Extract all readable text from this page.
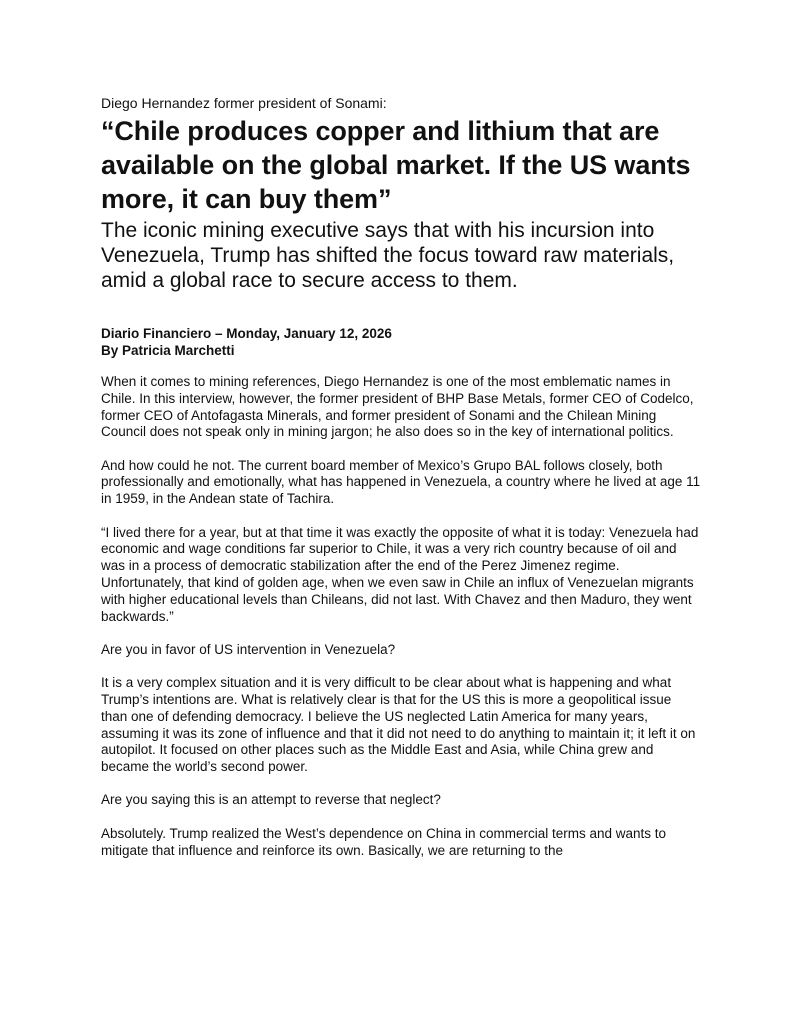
Diego Hernandez former president of Sonami:

“Chile produces copper and lithium that are available on the global market. If the US wants more, it can buy them”
The iconic mining executive says that with his incursion into Venezuela, Trump has shifted the focus toward raw materials, amid a global race to secure access to them.
Diario Financiero – Monday, January 12, 2026
By Patricia Marchetti

When it comes to mining references, Diego Hernandez is one of the most emblematic names in Chile. In this interview, however, the former president of BHP Base Metals, former CEO of Codelco, former CEO of Antofagasta Minerals, and former president of Sonami and the Chilean Mining Council does not speak only in mining jargon; he also does so in the key of international politics.

And how could he not. The current board member of Mexico’s Grupo BAL follows closely, both professionally and emotionally, what has happened in Venezuela, a country where he lived at age 11 in 1959, in the Andean state of Tachira.

“I lived there for a year, but at that time it was exactly the opposite of what it is today: Venezuela had economic and wage conditions far superior to Chile, it was a very rich country because of oil and was in a process of democratic stabilization after the end of the Perez Jimenez regime. Unfortunately, that kind of golden age, when we even saw in Chile an influx of Venezuelan migrants with higher educational levels than Chileans, did not last. With Chavez and then Maduro, they went backwards.”

Are you in favor of US intervention in Venezuela?

It is a very complex situation and it is very difficult to be clear about what is happening and what Trump’s intentions are. What is relatively clear is that for the US this is more a geopolitical issue than one of defending democracy. I believe the US neglected Latin America for many years, assuming it was its zone of influence and that it did not need to do anything to maintain it; it left it on autopilot. It focused on other places such as the Middle East and Asia, while China grew and became the world’s second power.

Are you saying this is an attempt to reverse that neglect?

Absolutely. Trump realized the West’s dependence on China in commercial terms and wants to mitigate that influence and reinforce its own. Basically, we are returning to the
